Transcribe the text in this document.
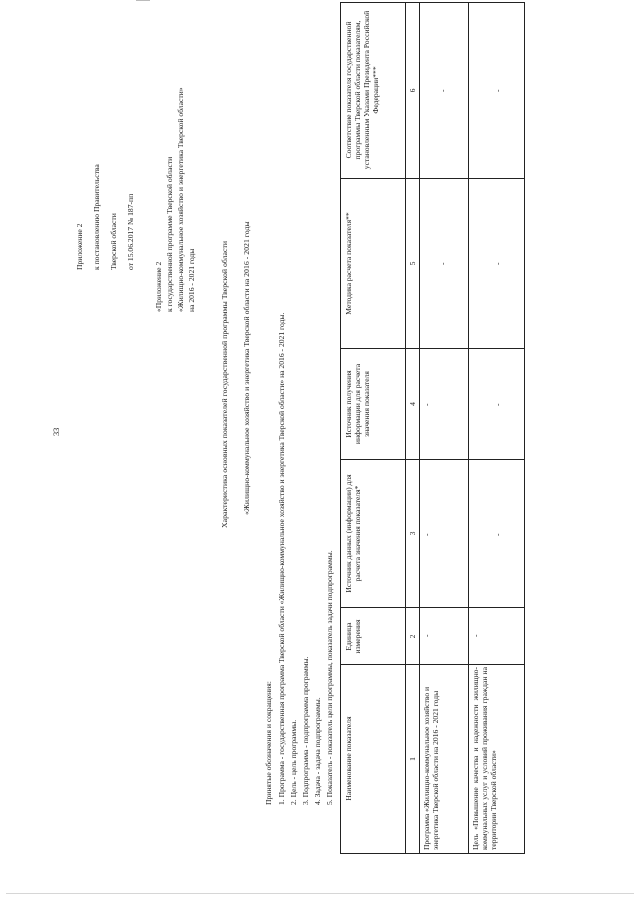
33
Приложение 2 к постановлению Правительства Тверской области от 15.06.2017 № 187-пп
«Приложение 2 к государственной программе Тверской области «Жилищно-коммунальное хозяйство и энергетика Тверской области» на 2016 - 2021 годы	Характеристика основных показателей государственной программы Тверской области «Жилищно-коммунальное хозяйство и энергетика Тверской области на 2016 - 2021 годы
Принятые обозначения и сокращения: 1. Программа - государственная программа Тверской области «Жилищно-коммунальное хозяйство и энергетика Тверской области» на 2016 - 2021 годы. 2. Цель - цель программы. 3. Подпрограмма - подпрограмма программы. 4. Задача - задача подпрограммы. 5. Показатель - показатель цели программы, показатель задачи подпрограммы. Наименование показателя
Единица измерения
Источник данных (информации) для расчета значения показателя*
Источник получения информации для расчета значения показателя
Методика расчета показателя**
Соответствие показателя государственной программы Тверской области показателям, установленным Указами Президента Российской Федерации***
1
2
3
4
5
6
Программа «Жилищно-коммунальное хозяйство и энергетика Тверской области на 2016 - 2021 годы
-
-
-
-
-
Цель «Повышение качества и надежности жилищно-коммунальных услуг и условий проживания граждан на территории Тверской области»
-
-
-
-
-
